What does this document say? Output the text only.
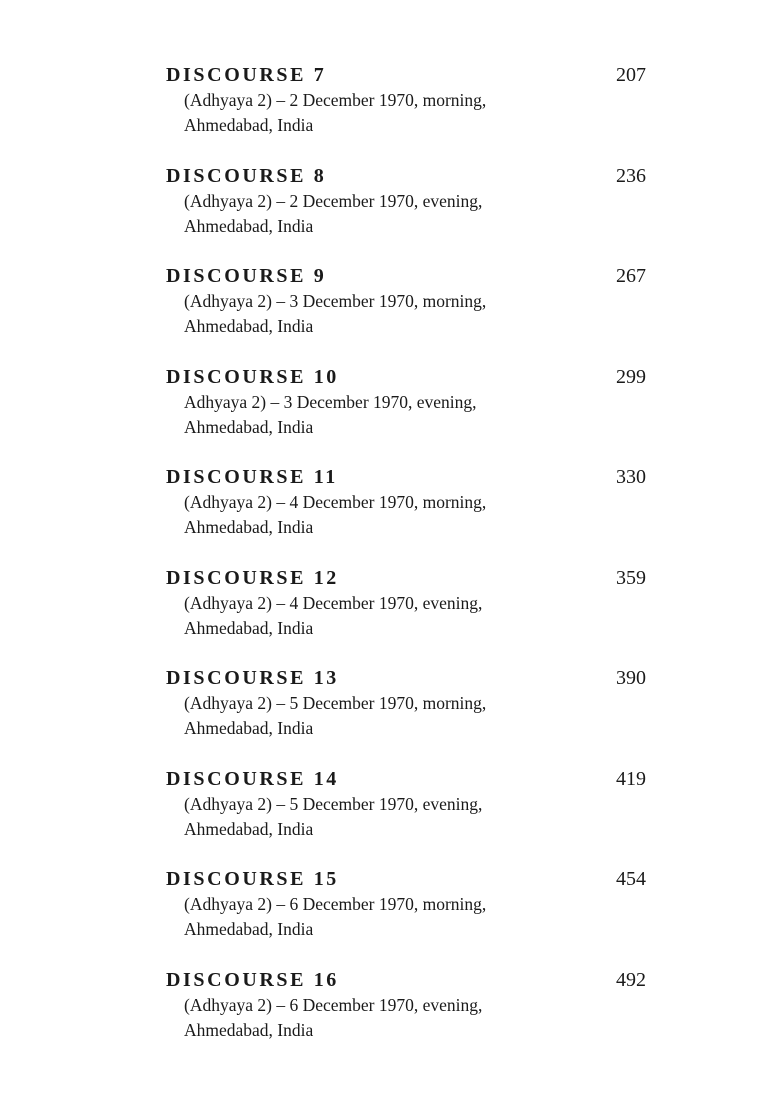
DISCOURSE 7	207
(Adhyaya 2) – 2 December 1970, morning,
Ahmedabad, India
DISCOURSE 8	236
(Adhyaya 2) – 2 December 1970, evening,
Ahmedabad, India
DISCOURSE 9	267
(Adhyaya 2) – 3 December 1970, morning,
Ahmedabad, India
DISCOURSE 10	299
Adhyaya 2) – 3 December 1970, evening,
Ahmedabad, India
DISCOURSE 11	330
(Adhyaya 2) – 4 December 1970, morning,
Ahmedabad, India
DISCOURSE 12	359
(Adhyaya 2) – 4 December 1970, evening,
Ahmedabad, India
DISCOURSE 13	390
(Adhyaya 2) – 5 December 1970, morning,
Ahmedabad, India
DISCOURSE 14	419
(Adhyaya 2) – 5 December 1970, evening,
Ahmedabad, India
DISCOURSE 15	454
(Adhyaya 2) – 6 December 1970, morning,
Ahmedabad, India
DISCOURSE 16	492
(Adhyaya 2) – 6 December 1970, evening,
Ahmedabad, India
